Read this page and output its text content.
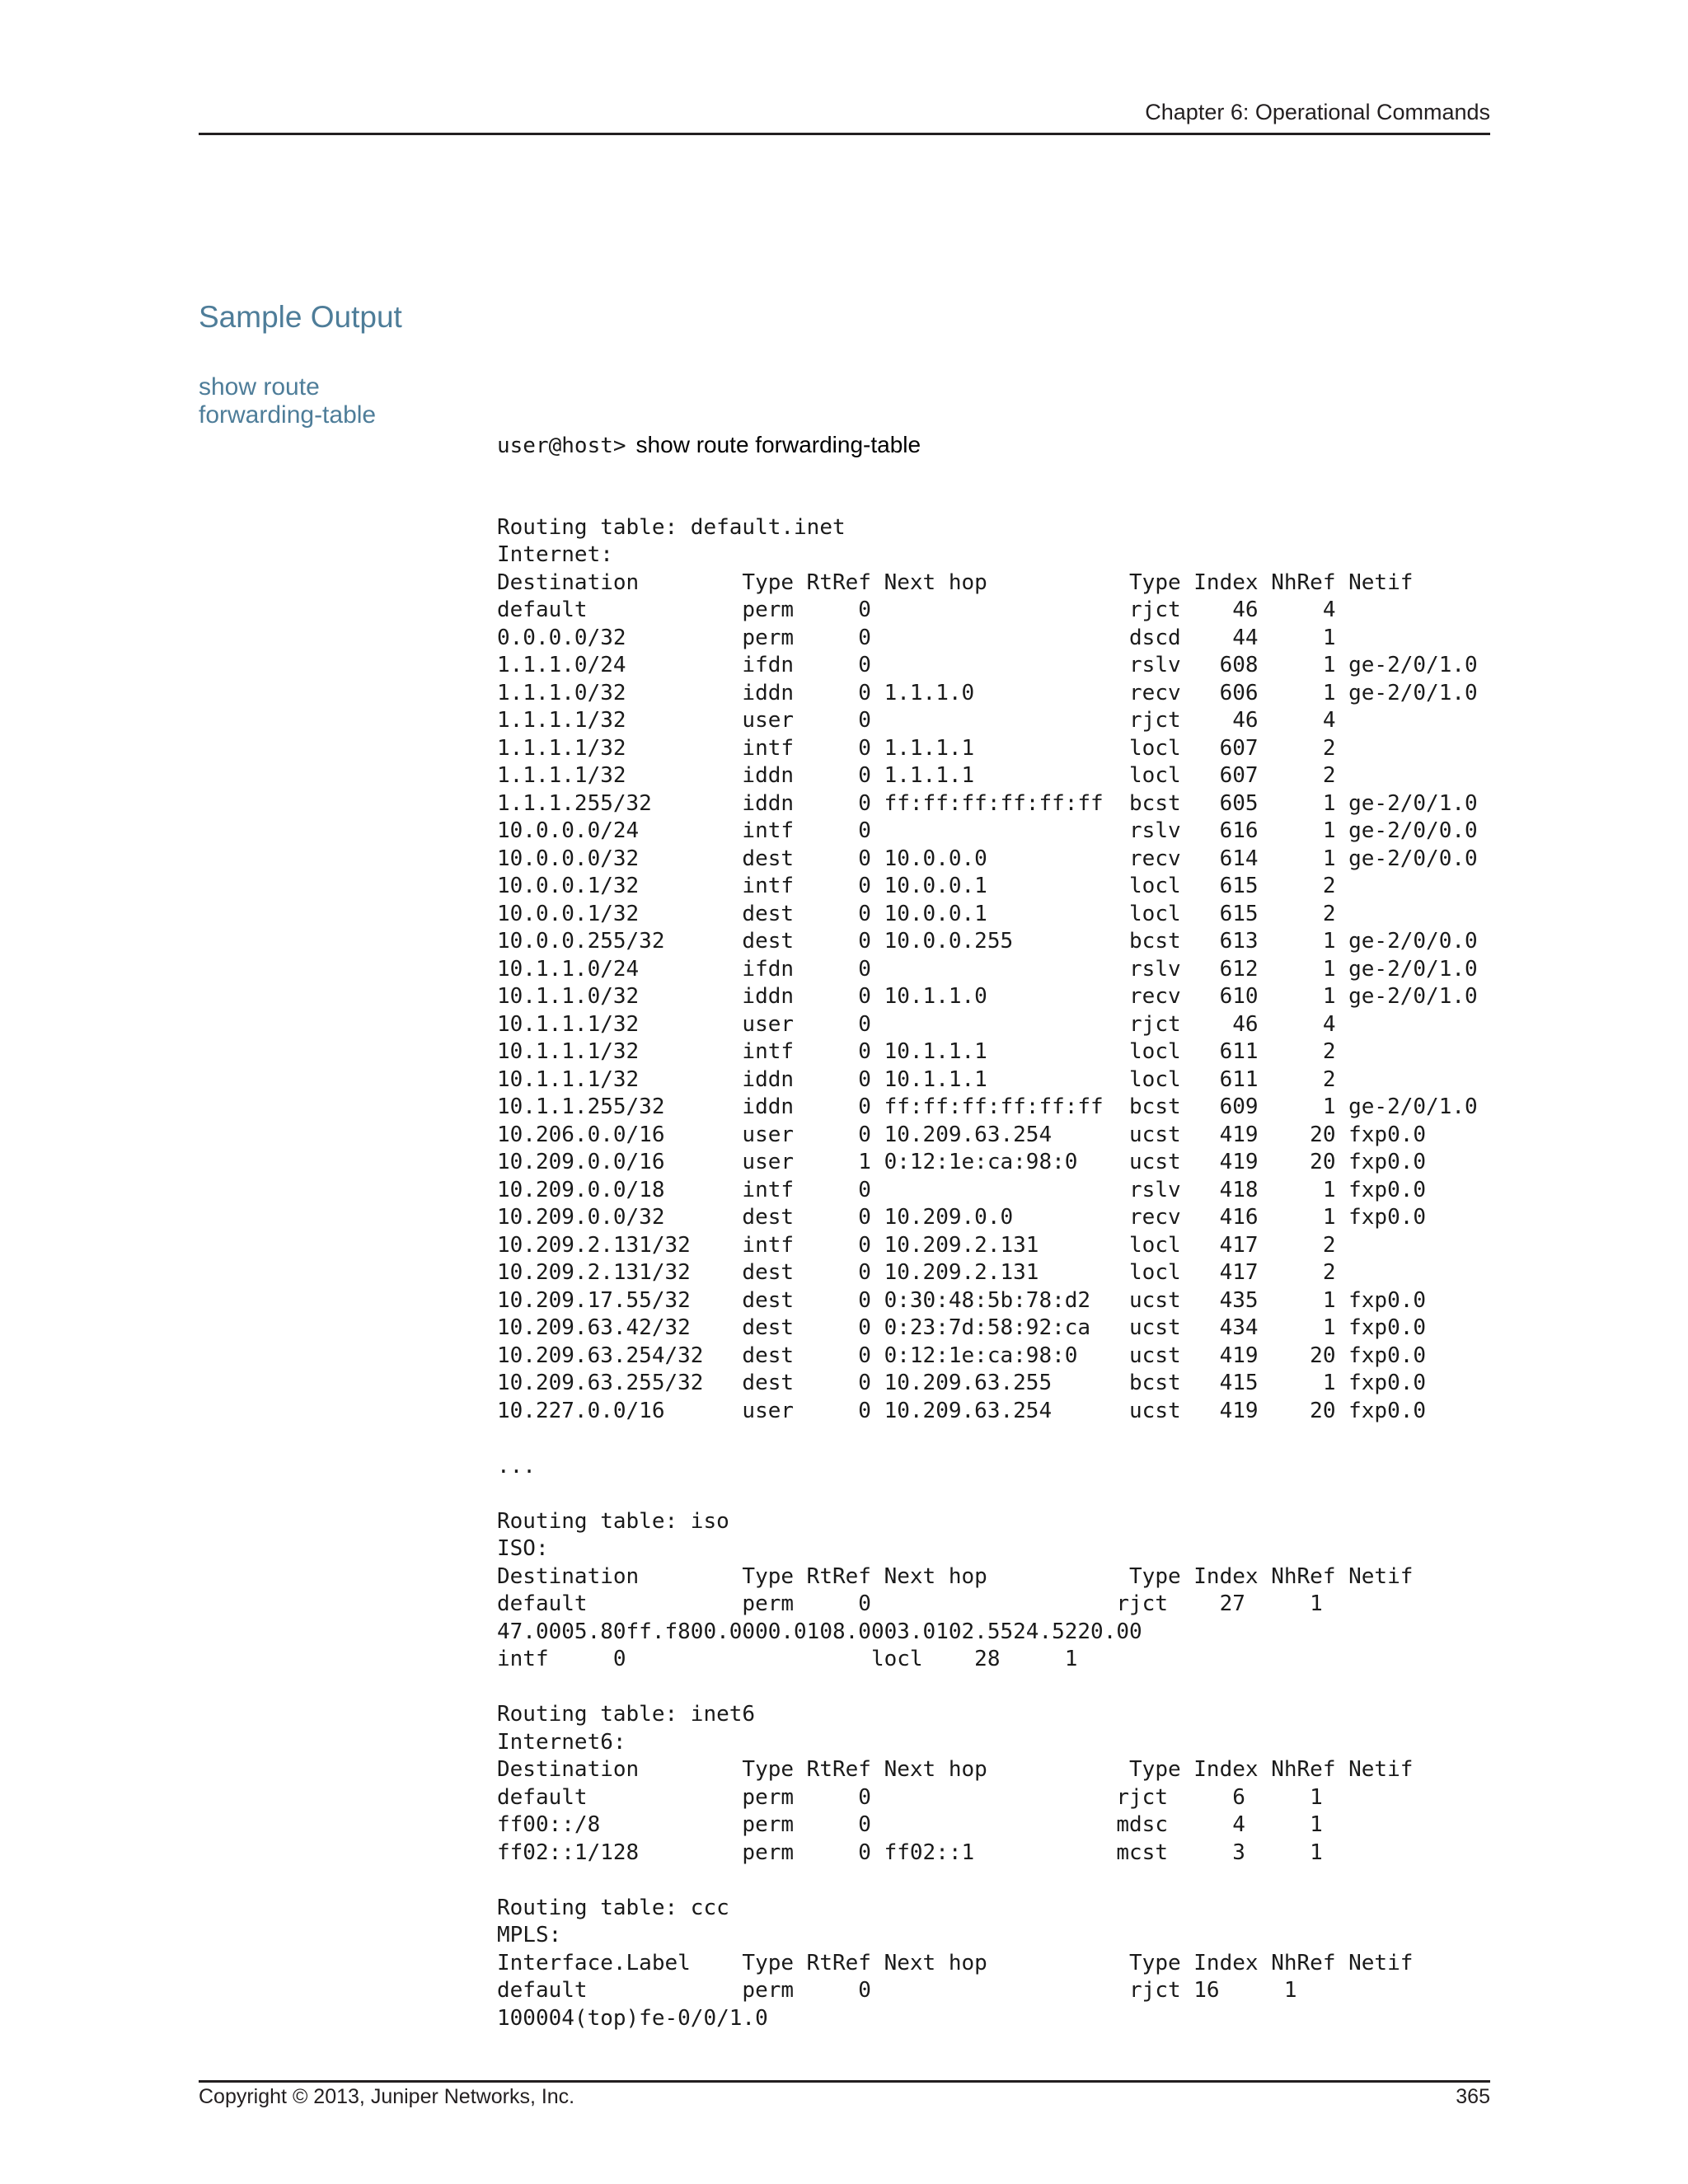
Chapter 6: Operational Commands
Sample Output
show route
forwarding-table

user@host> show route forwarding-table

Routing table: default.inet
Internet:
Destination        Type RtRef Next hop           Type Index NhRef Netif
default            perm     0                    rjct    46     4
0.0.0.0/32         perm     0                    dscd    44     1
1.1.1.0/24         ifdn     0                    rslv   608     1 ge-2/0/1.0
1.1.1.0/32         iddn     0 1.1.1.0            recv   606     1 ge-2/0/1.0
1.1.1.1/32         user     0                    rjct    46     4
1.1.1.1/32         intf     0 1.1.1.1            locl   607     2
1.1.1.1/32         iddn     0 1.1.1.1            locl   607     2
1.1.1.255/32       iddn     0 ff:ff:ff:ff:ff:ff  bcst   605     1 ge-2/0/1.0
10.0.0.0/24        intf     0                    rslv   616     1 ge-2/0/0.0
10.0.0.0/32        dest     0 10.0.0.0           recv   614     1 ge-2/0/0.0
10.0.0.1/32        intf     0 10.0.0.1           locl   615     2
10.0.0.1/32        dest     0 10.0.0.1           locl   615     2
10.0.0.255/32      dest     0 10.0.0.255         bcst   613     1 ge-2/0/0.0
10.1.1.0/24        ifdn     0                    rslv   612     1 ge-2/0/1.0
10.1.1.0/32        iddn     0 10.1.1.0           recv   610     1 ge-2/0/1.0
10.1.1.1/32        user     0                    rjct    46     4
10.1.1.1/32        intf     0 10.1.1.1           locl   611     2
10.1.1.1/32        iddn     0 10.1.1.1           locl   611     2
10.1.1.255/32      iddn     0 ff:ff:ff:ff:ff:ff  bcst   609     1 ge-2/0/1.0
10.206.0.0/16      user     0 10.209.63.254      ucst   419    20 fxp0.0
10.209.0.0/16      user     1 0:12:1e:ca:98:0    ucst   419    20 fxp0.0
10.209.0.0/18      intf     0                    rslv   418     1 fxp0.0
10.209.0.0/32      dest     0 10.209.0.0         recv   416     1 fxp0.0
10.209.2.131/32    intf     0 10.209.2.131       locl   417     2
10.209.2.131/32    dest     0 10.209.2.131       locl   417     2
10.209.17.55/32    dest     0 0:30:48:5b:78:d2   ucst   435     1 fxp0.0
10.209.63.42/32    dest     0 0:23:7d:58:92:ca   ucst   434     1 fxp0.0
10.209.63.254/32   dest     0 0:12:1e:ca:98:0    ucst   419    20 fxp0.0
10.209.63.255/32   dest     0 10.209.63.255      bcst   415     1 fxp0.0
10.227.0.0/16      user     0 10.209.63.254      ucst   419    20 fxp0.0
...
Routing table: iso
ISO:
Destination        Type RtRef Next hop           Type Index NhRef Netif
default            perm     0                   rjct    27     1
47.0005.80ff.f800.0000.0108.0003.0102.5524.5220.00
intf     0                   locl    28     1
Routing table: inet6
Internet6:
Destination        Type RtRef Next hop           Type Index NhRef Netif
default            perm     0                   rjct     6     1
ff00::/8           perm     0                   mdsc     4     1
ff02::1/128        perm     0 ff02::1           mcst     3     1
Routing table: ccc
MPLS:
Interface.Label    Type RtRef Next hop           Type Index NhRef Netif
default            perm     0                    rjct 16     1
100004(top)fe-0/0/1.0

Copyright © 2013, Juniper Networks, Inc.	365
